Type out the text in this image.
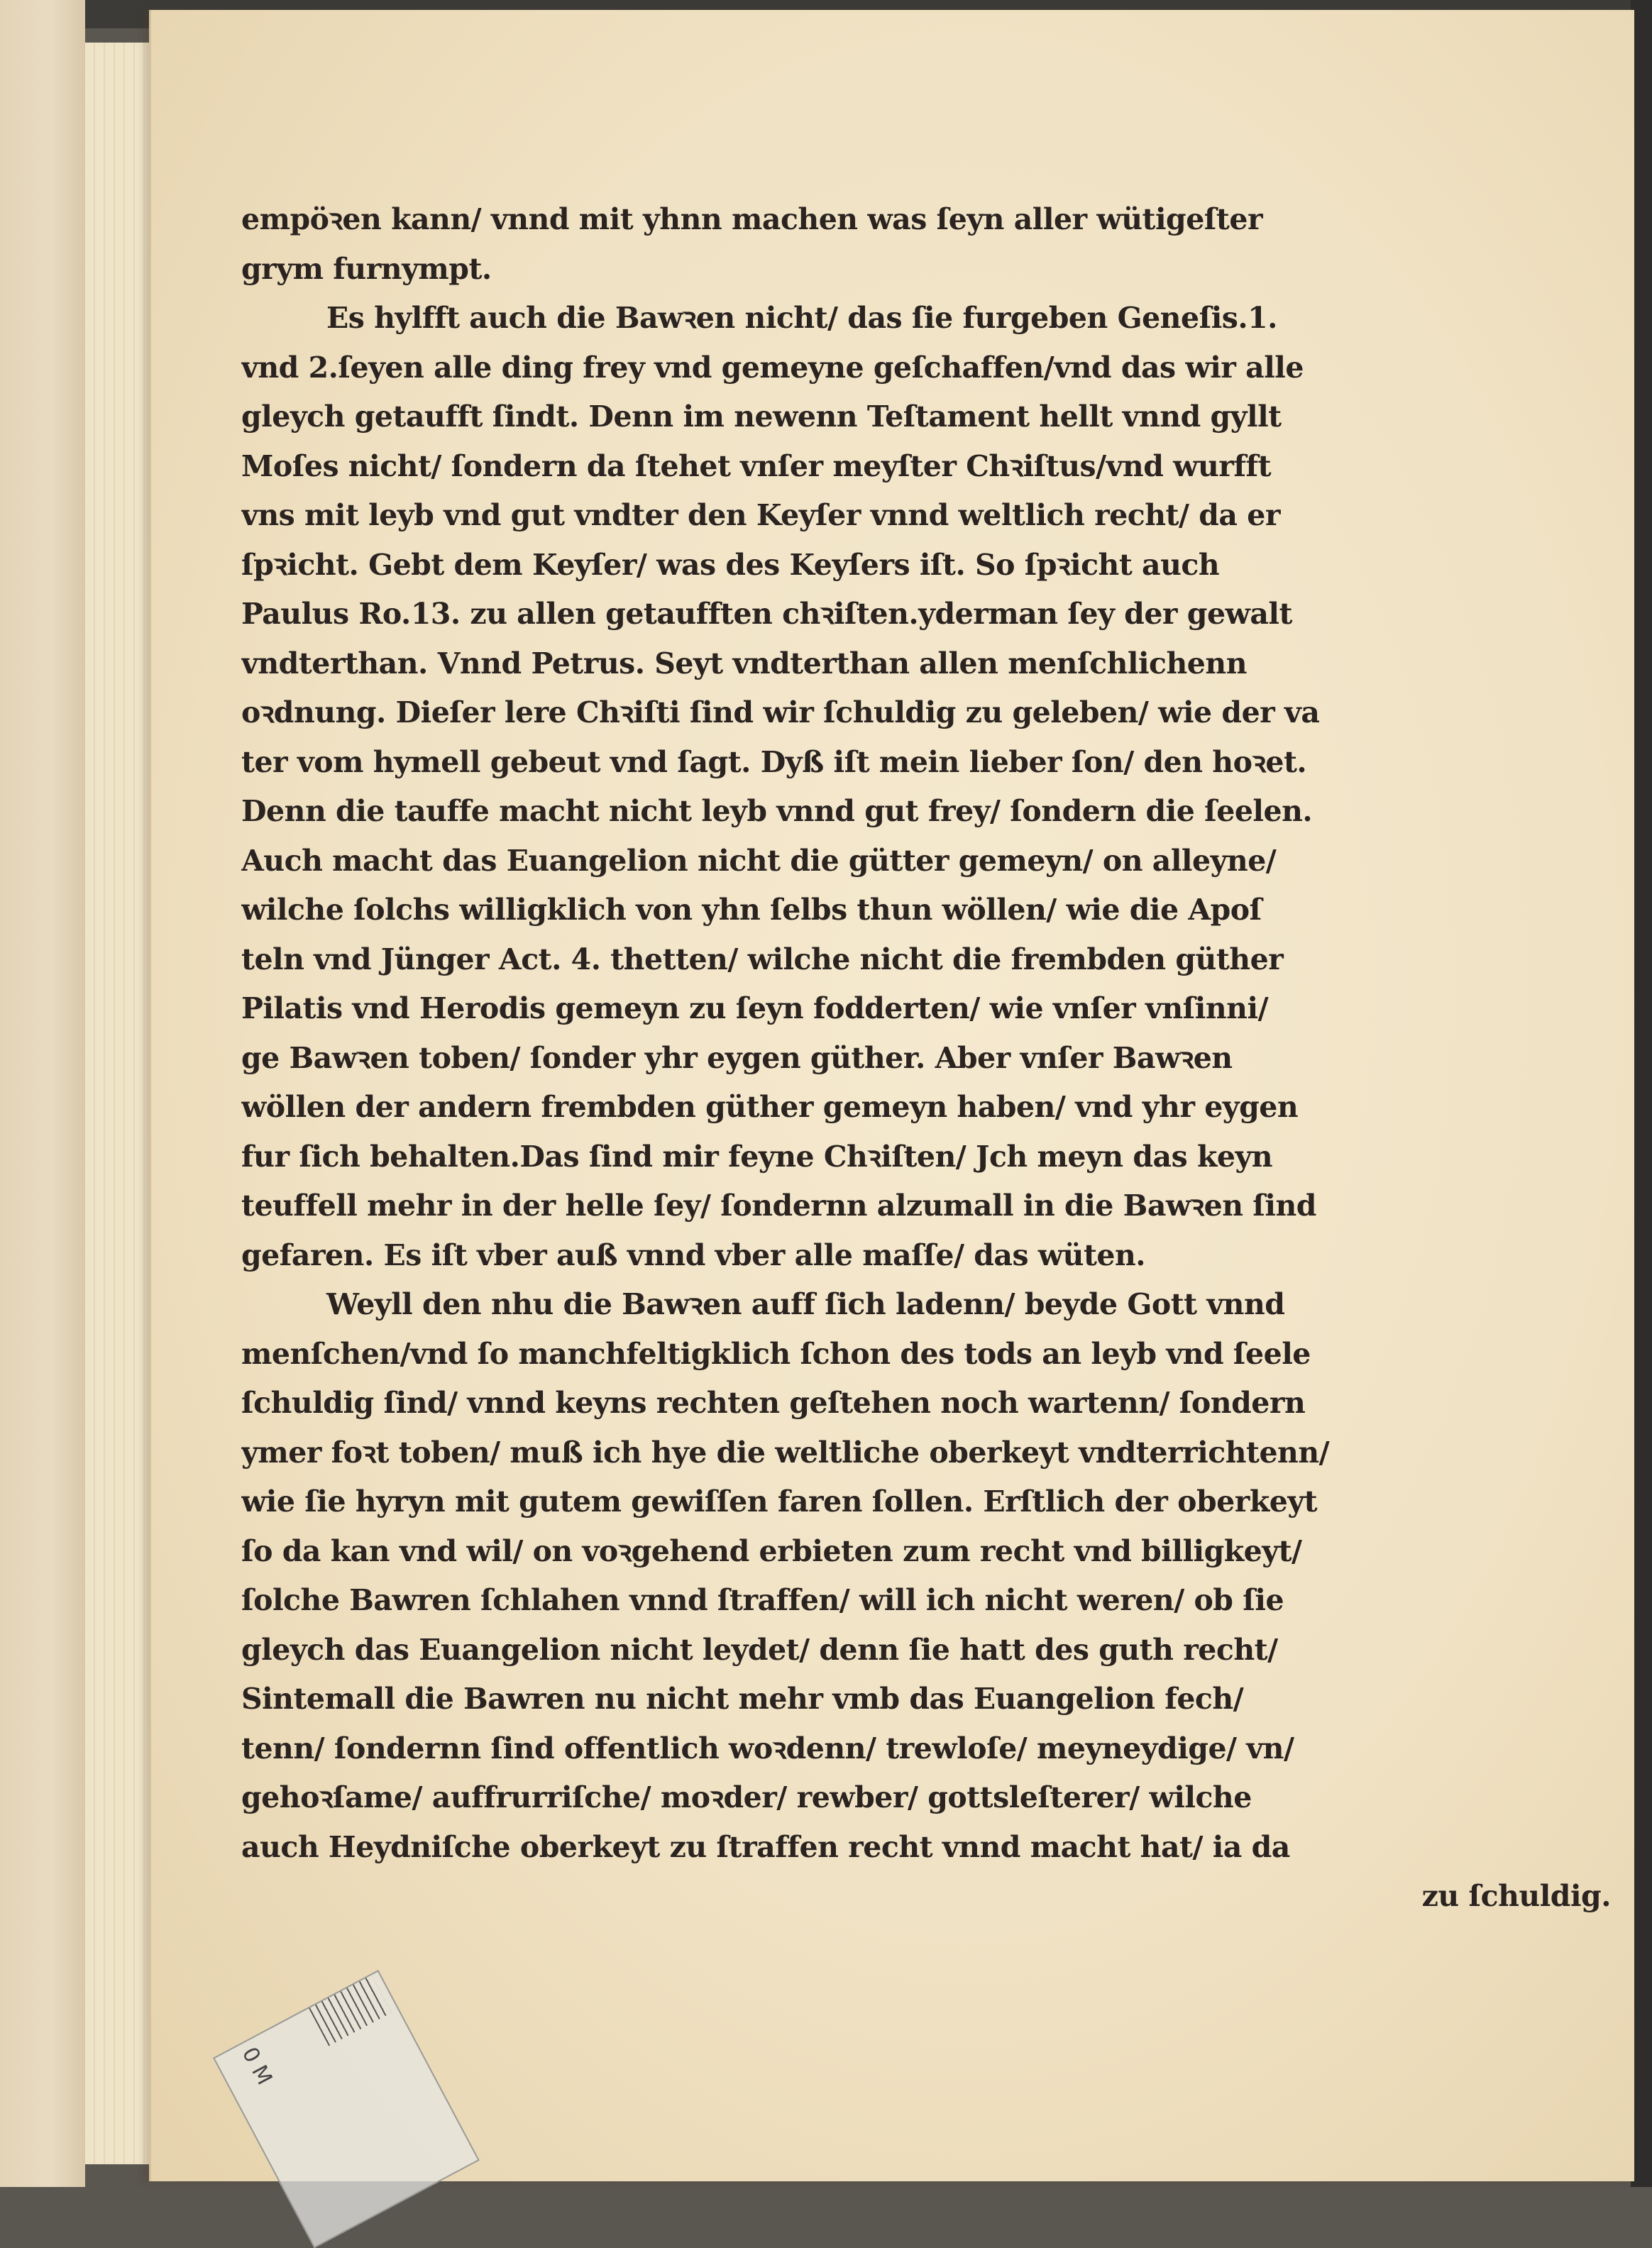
empöꝛen kann/ vnnd mit yhnn machen was ſeyn aller wütigeſter
grym furnympt.
Es hylfft auch die Bawꝛen nicht/ das ſie furgeben Geneſis.1.
vnd 2.ſeyen alle ding frey vnd gemeyne geſchaffen/vnd das wir alle
gleych getaufft ſindt. Denn im newenn Teſtament hellt vnnd gyllt
Moſes nicht/ ſondern da ſtehet vnſer meyſter Chꝛiſtus/vnd wurfft
vns mit leyb vnd gut vndter den Keyſer vnnd weltlich recht/ da er
ſpꝛicht. Gebt dem Keyſer/ was des Keyſers iſt. So ſpꝛicht auch
Paulus Ro.13. zu allen getaufften chꝛiſten.yderman ſey der gewalt
vndterthan. Vnnd Petrus. Seyt vndterthan allen menſchlichenn
oꝛdnung. Dieſer lere Chꝛiſti ſind wir ſchuldig zu geleben/ wie der va
ter vom hymell gebeut vnd ſagt. Dyß iſt mein lieber ſon/ den hoꝛet.
Denn die tauffe macht nicht leyb vnnd gut frey/ ſondern die ſeelen.
Auch macht das Euangelion nicht die gütter gemeyn/ on alleyne/
wilche ſolchs willigklich von yhn ſelbs thun wöllen/ wie die Apoſ
teln vnd Jünger Act. 4. thetten/ wilche nicht die frembden güther
Pilatis vnd Herodis gemeyn zu ſeyn fodderten/ wie vnſer vnſinni/
ge Bawꝛen toben/ ſonder yhr eygen güther. Aber vnſer Bawꝛen
wöllen der andern frembden güther gemeyn haben/ vnd yhr eygen
fur ſich behalten.Das ſind mir feyne Chꝛiſten/ Jch meyn das keyn
teuffell mehr in der helle ſey/ ſondernn alzumall in die Bawꝛen ſind
gefaren. Es iſt vber auß vnnd vber alle maſſe/ das wüten.
Weyll den nhu die Bawꝛen auff ſich ladenn/ beyde Gott vnnd
menſchen/vnd ſo manchfeltigklich ſchon des tods an leyb vnd ſeele
ſchuldig ſind/ vnnd keyns rechten geſtehen noch wartenn/ ſondern
ymer foꝛt toben/ muß ich hye die weltliche oberkeyt vndterrichtenn/
wie ſie hyryn mit gutem gewiſſen faren ſollen. Erſtlich der oberkeyt
ſo da kan vnd wil/ on voꝛgehend erbieten zum recht vnd billigkeyt/
ſolche Bawren ſchlahen vnnd ſtraffen/ will ich nicht weren/ ob ſie
gleych das Euangelion nicht leydet/ denn ſie hatt des guth recht/
Sintemall die Bawren nu nicht mehr vmb das Euangelion fech/
tenn/ ſondernn ſind offentlich woꝛdenn/ trewloſe/ meyneydige/ vn/
gehoꝛſame/ auffrurriſche/ moꝛder/ rewber/ gottsleſterer/ wilche
auch Heydniſche oberkeyt zu ſtraffen recht vnnd macht hat/ ia da
zu ſchuldig.
0 M
